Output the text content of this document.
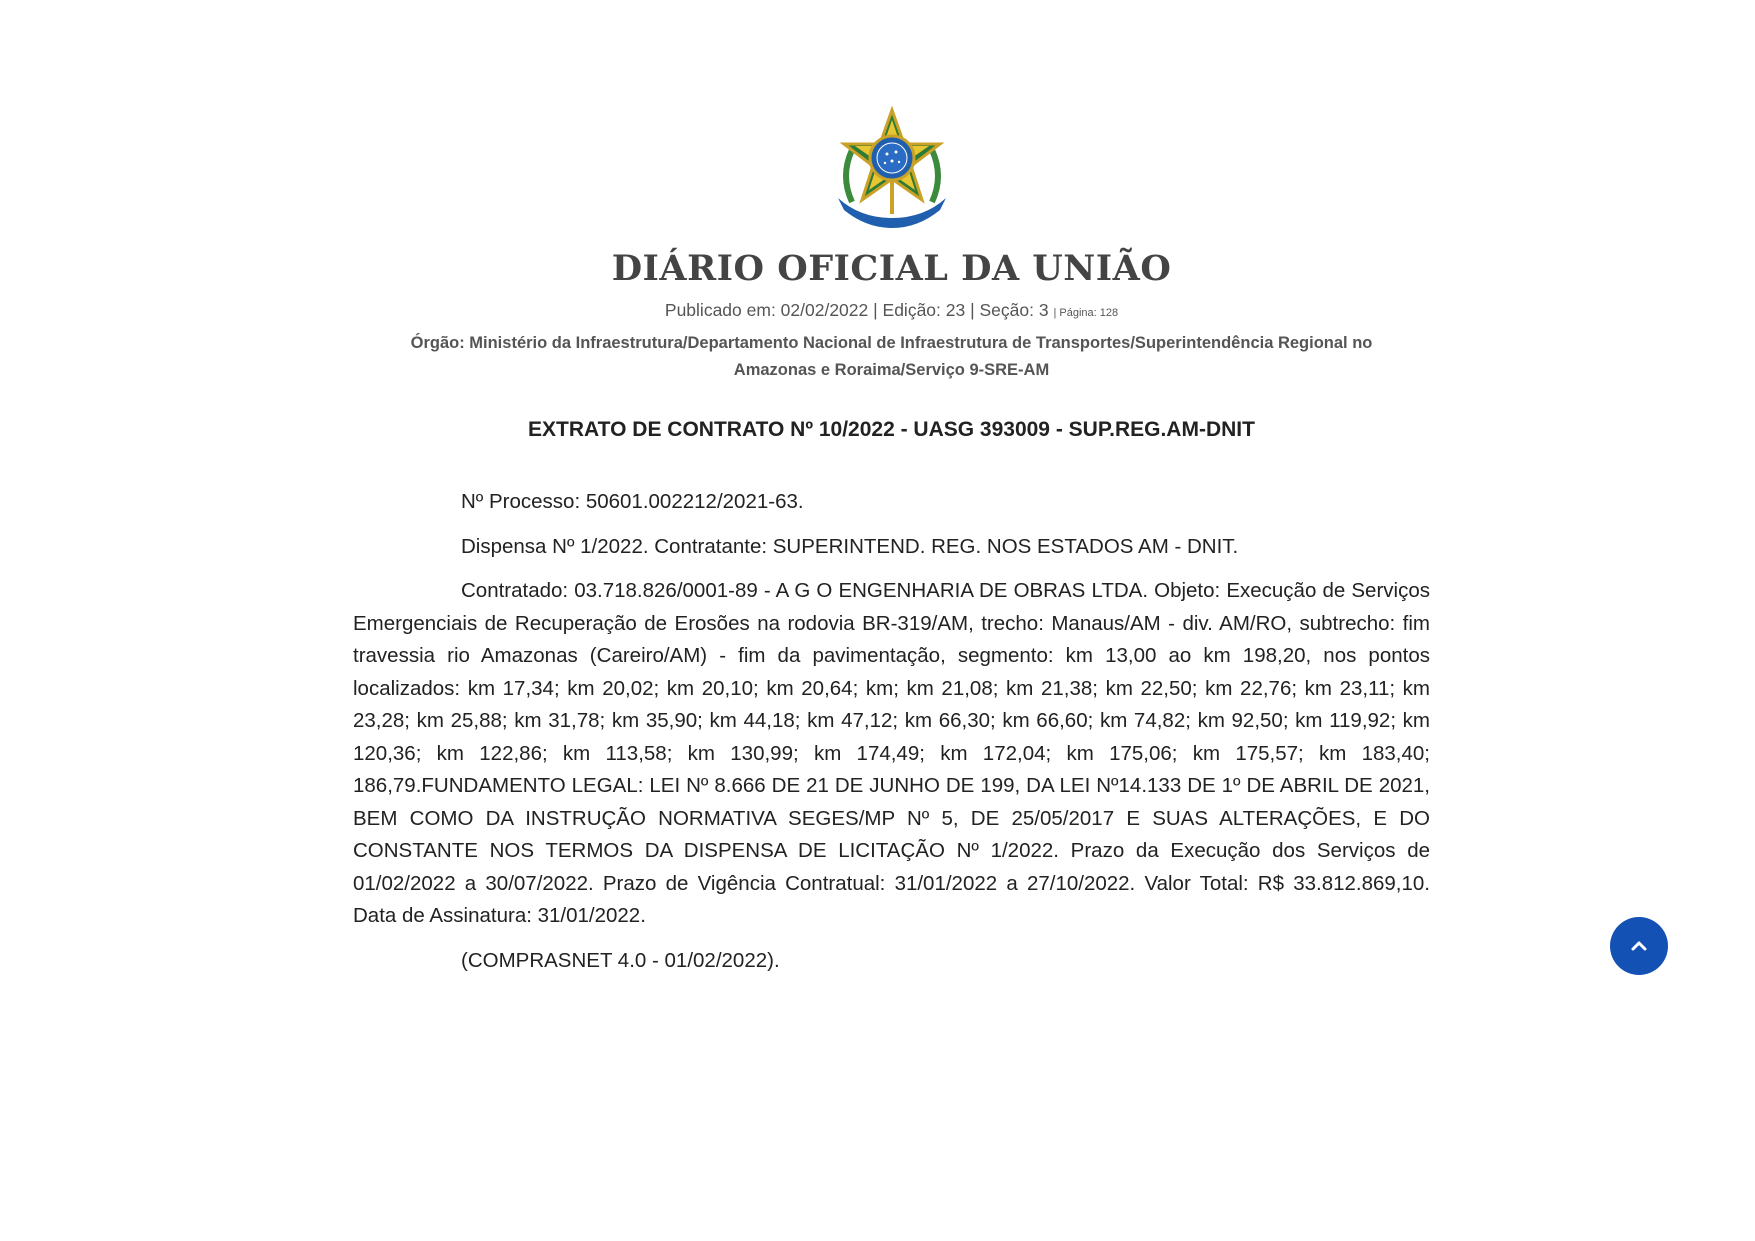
DIÁRIO OFICIAL DA UNIÃO
Publicado em: 02/02/2022 | Edição: 23 | Seção: 3 | Página: 128
Órgão: Ministério da Infraestrutura/Departamento Nacional de Infraestrutura de Transportes/Superintendência Regional no Amazonas e Roraima/Serviço 9-SRE-AM
EXTRATO DE CONTRATO Nº 10/2022 - UASG 393009 - SUP.REG.AM-DNIT

Nº Processo: 50601.002212/2021-63.

Dispensa Nº 1/2022. Contratante: SUPERINTEND. REG. NOS ESTADOS AM - DNIT.

Contratado: 03.718.826/0001-89 - A G O ENGENHARIA DE OBRAS LTDA. Objeto: Execução de Serviços Emergenciais de Recuperação de Erosões na rodovia BR-319/AM, trecho: Manaus/AM - div. AM/RO, subtrecho: fim travessia rio Amazonas (Careiro/AM) - fim da pavimentação, segmento: km 13,00 ao km 198,20, nos pontos localizados: km 17,34; km 20,02; km 20,10; km 20,64; km; km 21,08; km 21,38; km 22,50; km 22,76; km 23,11; km 23,28; km 25,88; km 31,78; km 35,90; km 44,18; km 47,12; km 66,30; km 66,60; km 74,82; km 92,50; km 119,92; km 120,36; km 122,86; km 113,58; km 130,99; km 174,49; km 172,04; km 175,06; km 175,57; km 183,40; 186,79.FUNDAMENTO LEGAL: LEI Nº 8.666 DE 21 DE JUNHO DE 199, DA LEI Nº14.133 DE 1º DE ABRIL DE 2021, BEM COMO DA INSTRUÇÃO NORMATIVA SEGES/MP Nº 5, DE 25/05/2017 E SUAS ALTERAÇÕES, E DO CONSTANTE NOS TERMOS DA DISPENSA DE LICITAÇÃO Nº 1/2022. Prazo da Execução dos Serviços de 01/02/2022 a 30/07/2022. Prazo de Vigência Contratual: 31/01/2022 a 27/10/2022. Valor Total: R$ 33.812.869,10. Data de Assinatura: 31/01/2022.

(COMPRASNET 4.0 - 01/02/2022).
